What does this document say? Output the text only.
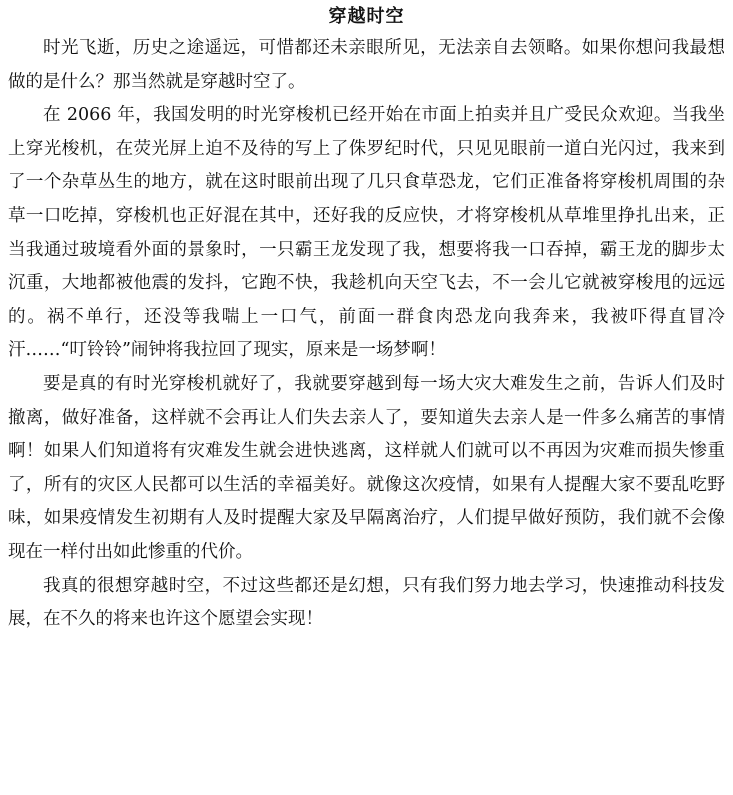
穿越时空

时光飞逝，历史之途遥远，可惜都还未亲眼所见，无法亲自去领略。如果你想问我最想做的是什么？那当然就是穿越时空了。

在 2066 年，我国发明的时光穿梭机已经开始在市面上拍卖并且广受民众欢迎。当我坐上穿光梭机，在荧光屏上迫不及待的写上了侏罗纪时代，只见见眼前一道白光闪过，我来到了一个杂草丛生的地方，就在这时眼前出现了几只食草恐龙，它们正准备将穿梭机周围的杂草一口吃掉，穿梭机也正好混在其中，还好我的反应快，才将穿梭机从草堆里挣扎出来，正当我通过玻境看外面的景象时，一只霸王龙发现了我，想要将我一口吞掉，霸王龙的脚步太沉重，大地都被他震的发抖，它跑不快，我趁机向天空飞去，不一会儿它就被穿梭甩的远远的。祸不单行，还没等我喘上一口气，前面一群食肉恐龙向我奔来，我被吓得直冒冷汗……“叮铃铃”闹钟将我拉回了现实，原来是一场梦啊！

要是真的有时光穿梭机就好了，我就要穿越到每一场大灾大难发生之前，告诉人们及时撤离，做好准备，这样就不会再让人们失去亲人了，要知道失去亲人是一件多么痛苦的事情啊！如果人们知道将有灾难发生就会进快逃离，这样就人们就可以不再因为灾难而损失惨重了，所有的灾区人民都可以生活的幸福美好。就像这次疫情，如果有人提醒大家不要乱吃野味，如果疫情发生初期有人及时提醒大家及早隔离治疗，人们提早做好预防，我们就不会像现在一样付出如此惨重的代价。

我真的很想穿越时空，不过这些都还是幻想，只有我们努力地去学习，快速推动科技发展，在不久的将来也许这个愿望会实现！
